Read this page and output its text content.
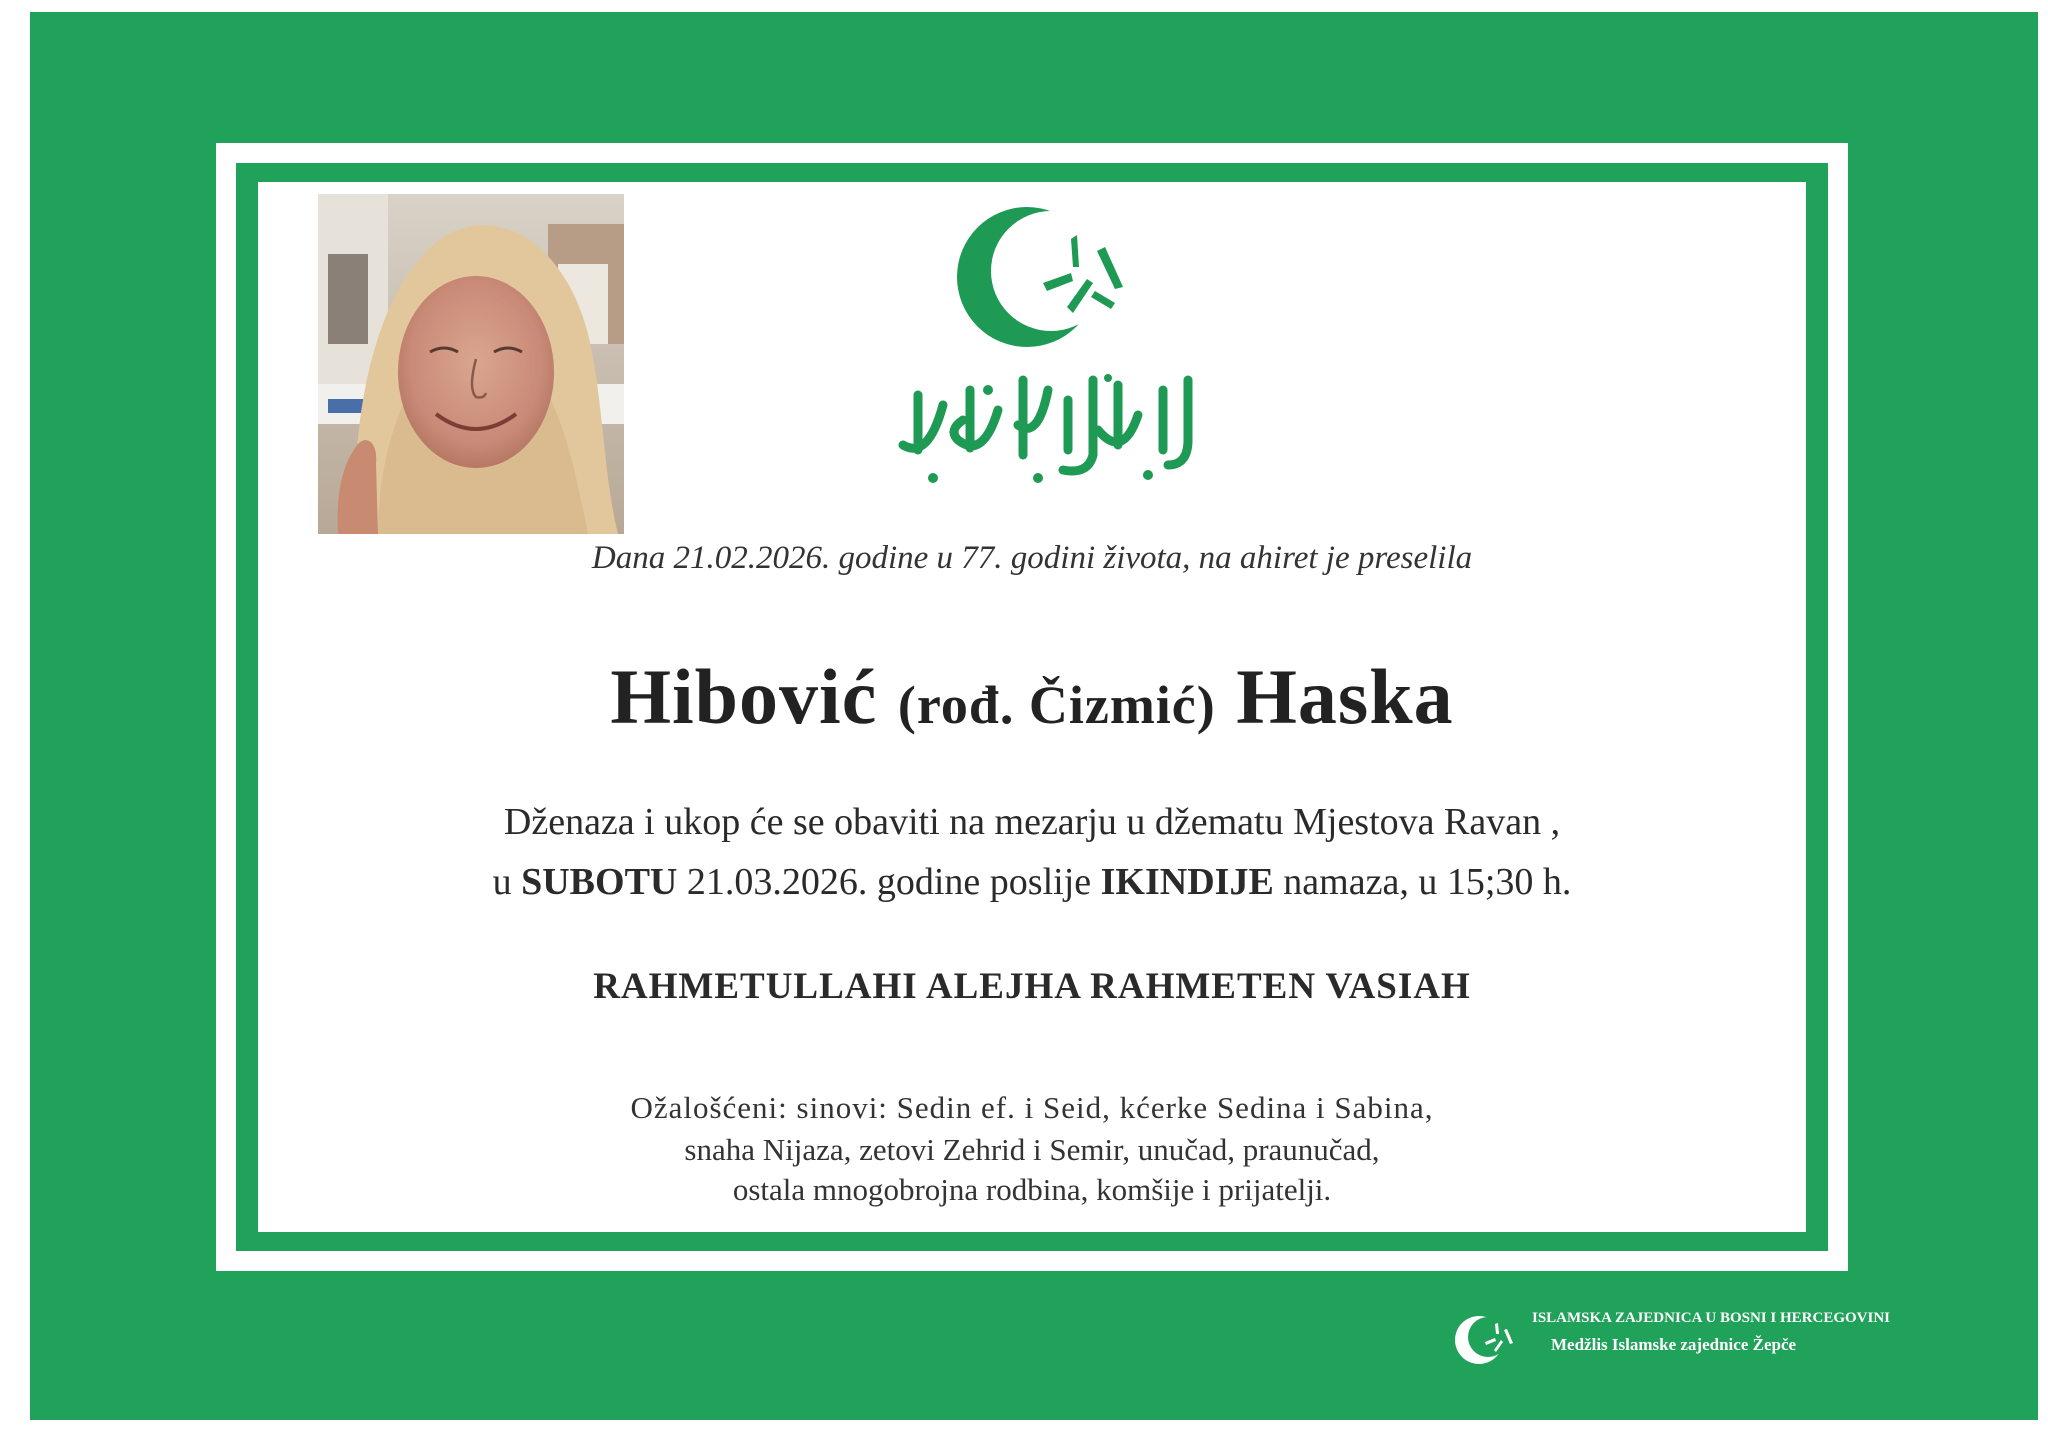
Dana 21.02.2026. godine u 77. godini života, na ahiret je preselila
Hibović (rođ. Čizmić) Haska
Dženaza i ukop će se obaviti na mezarju u džematu Mjestova Ravan ,
u SUBOTU 21.03.2026. godine poslije IKINDIJE namaza, u 15;30 h.
RAHMETULLAHI ALEJHA RAHMETEN VASIAH
Ožalošćeni: sinovi: Sedin ef. i Seid, kćerke Sedina i Sabina,
snaha Nijaza, zetovi Zehrid i Semir, unučad, praunučad,
ostala mnogobrojna rodbina, komšije i prijatelji.
ISLAMSKA ZAJEDNICA U BOSNI I HERCEGOVINI
Medžlis Islamske zajednice Žepče
